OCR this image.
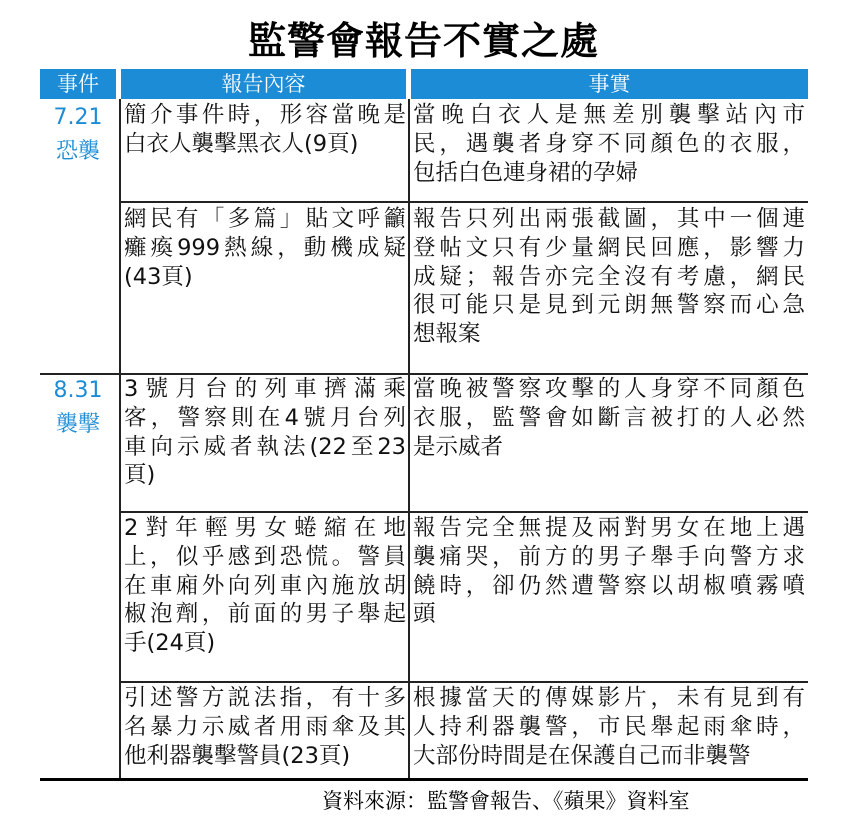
監警會報告不實之處
事件	報告內容	事實
7.21
恐襲
簡介事件時，形容當晚是
白衣人襲擊黑衣人(9頁)
當晚白衣人是無差別襲擊站內市
民，遇襲者身穿不同顏色的衣服，
包括白色連身裙的孕婦
網民有「多篇」貼文呼籲
癱瘓999熱線，動機成疑
(43頁)
報告只列出兩張截圖，其中一個連
登帖文只有少量網民回應，影響力
成疑；報告亦完全沒有考慮，網民
很可能只是見到元朗無警察而心急
想報案
8.31
襲擊
3號月台的列車擠滿乘
客，警察則在4號月台列
車向示威者執法(22至23
頁)
當晚被警察攻擊的人身穿不同顏色
衣服，監警會如斷言被打的人必然
是示威者
2對年輕男女蜷縮在地
上，似乎感到恐慌。警員
在車廂外向列車內施放胡
椒泡劑，前面的男子舉起
手(24頁)
報告完全無提及兩對男女在地上遇
襲痛哭，前方的男子舉手向警方求
饒時，卻仍然遭警察以胡椒噴霧噴
頭
引述警方説法指，有十多
名暴力示威者用雨傘及其
他利器襲擊警員(23頁)
根據當天的傳媒影片，未有見到有
人持利器襲警，市民舉起雨傘時，
大部份時間是在保護自己而非襲警
資料來源：監警會報告、《蘋果》資料室
